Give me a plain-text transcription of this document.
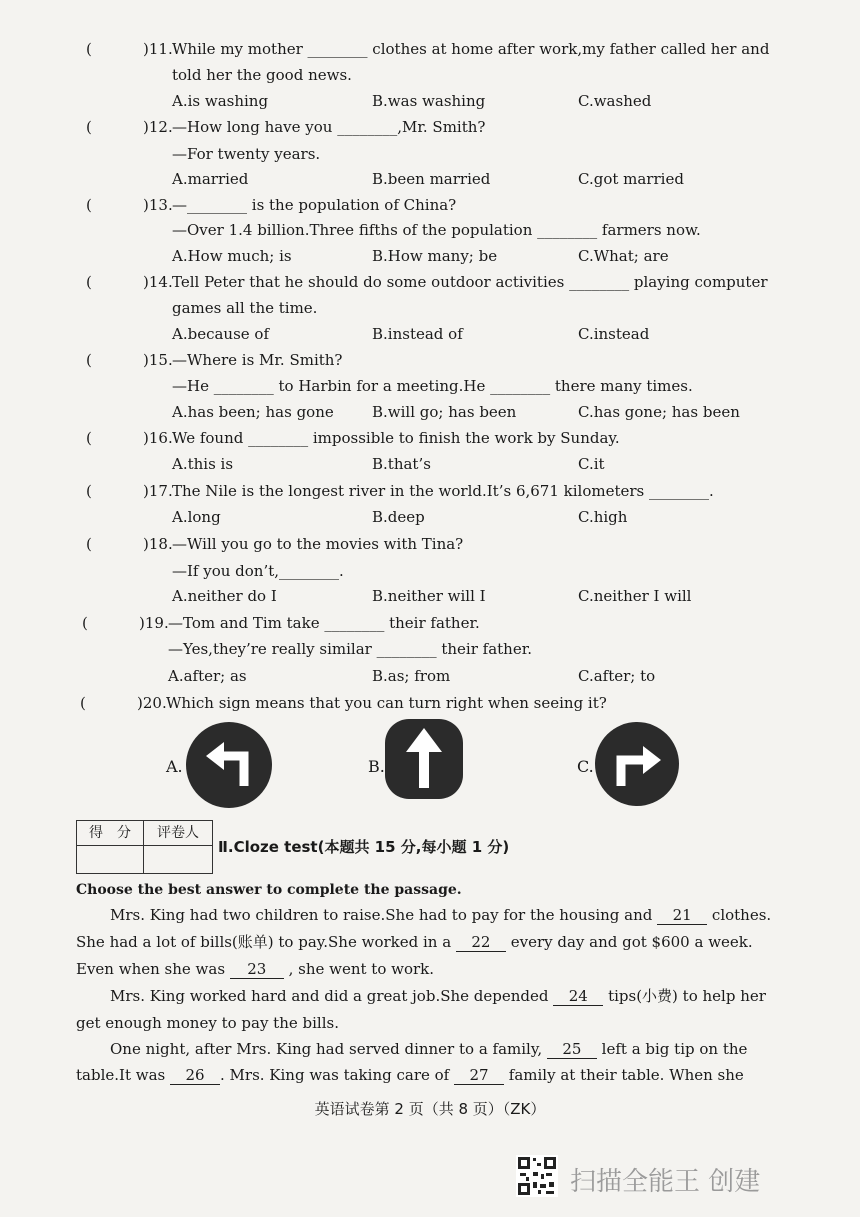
(	)11. While my mother ________ clothes at home after work,my father called her and
told her the good news.
A.is washing	B.was washing	C.washed
(	)12. —How long have you ________,Mr. Smith?
—For twenty years.
A.married	B.been married	C.got married
(	)13. —________ is the population of China?
—Over 1.4 billion.Three fifths of the population ________ farmers now.
A.How much; is	B.How many; be	C.What; are
(	)14. Tell Peter that he should do some outdoor activities ________ playing computer
games all the time.
A.because of	B.instead of	C.instead
(	)15. —Where is Mr. Smith?
—He ________ to Harbin for a meeting.He ________ there many times.
A.has been; has gone	B.will go; has been	C.has gone; has been
(	)16. We found ________ impossible to finish the work by Sunday.
A.this is	B.that’s	C.it
(	)17. The Nile is the longest river in the world.It’s 6,671 kilometers ________.
A.long	B.deep	C.high
(	)18. —Will you go to the movies with Tina?
—If you don’t,________.
A.neither do I	B.neither will I	C.neither I will
(	)19. —Tom and Tim take ________ their father.
—Yes,they’re really similar ________ their father.
A.after; as	B.as; from	C.after; to
(	)20. Which sign means that you can turn right when seeing it?
A.	B.	C.
得　分	评卷人
Ⅱ.Cloze test(本题共 15 分,每小题 1 分)
Choose the best answer to complete the passage.
Mrs. King had two children to raise.She had to pay for the housing and 21 clothes.
She had a lot of bills(账单) to pay.She worked in a 22 every day and got $600 a week.
Even when she was 23 , she went to work.
Mrs. King worked hard and did a great job.She depended 24 tips(小费) to help her
get enough money to pay the bills.
One night, after Mrs. King had served dinner to a family, 25 left a big tip on the
table.It was 26 . Mrs. King was taking care of 27 family at their table. When she
英语试卷第 2 页（共 8 页）（ZK）
扫描全能王 创建
